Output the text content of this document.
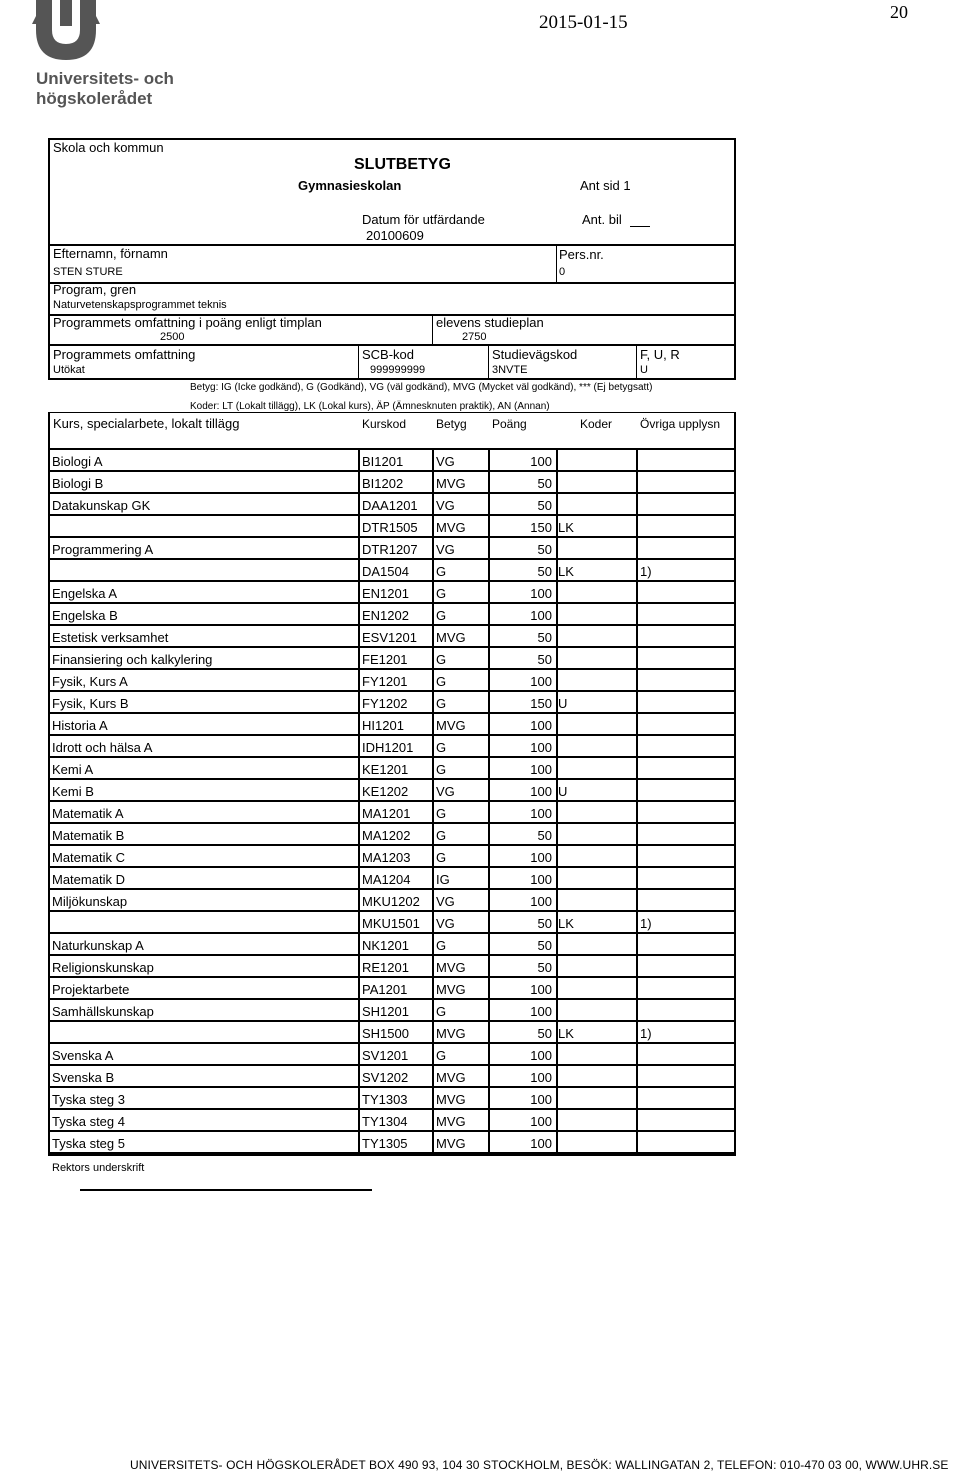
Universitets- och
högskolerådet
20
2015-01-15
Skola och kommun
SLUTBETYG
Gymnasieskolan	Ant sid 1
Datum för utfärdande
20100609
Ant. bil
Efternamn, förnamn	Pers.nr.
STEN STURE	0
Program, gren
Naturvetenskapsprogrammet teknis
Programmets omfattning i poäng enligt timplan	elevens studieplan
2500	2750
Programmets omfattning	SCB-kod	Studievägskod	F, U, R
Utökat	999999999	3NVTE	U
Betyg: IG (Icke godkänd), G (Godkänd), VG (väl godkänd), MVG (Mycket väl godkänd), *** (Ej betygsatt)
Koder: LT (Lokalt tillägg), LK (Lokal kurs), ÄP (Ämnesknuten praktik), AN (Annan)
Kurs, specialarbete, lokalt tillägg	Kurskod Betyg Poäng	Koder Övriga upplysn
Biologi A	BI1201	VG	100
Biologi B	BI1202	MVG	50
Datakunskap GK	DAA1201 VG	50
DTR1505 MVG	150 LK
Programmering A	DTR1207 VG	50
DA1504 G	50 LK	1)
Engelska A	EN1201 G	100
Engelska B	EN1202 G	100
Estetisk verksamhet	ESV1201 MVG	50
Finansiering och kalkylering	FE1201 G	50
Fysik, Kurs A	FY1201 G	100
Fysik, Kurs B	FY1202 G	150 U
Historia A	HI1201 MVG	100
Idrott och hälsa A	IDH1201 G	100
Kemi A	KE1201 G	100
Kemi B	KE1202 VG	100 U
Matematik A	MA1201 G	100
Matematik B	MA1202 G	50
Matematik C	MA1203 G	100
Matematik D	MA1204 IG	100
Miljökunskap	MKU1202 VG	100
MKU1501 VG	50 LK	1)
Naturkunskap A	NK1201 G	50
Religionskunskap	RE1201 MVG	50
Projektarbete	PA1201 MVG	100
Samhällskunskap	SH1201 G	100
SH1500 MVG	50 LK	1)
Svenska A	SV1201 G	100
Svenska B	SV1202 MVG	100
Tyska steg 3	TY1303 MVG	100
Tyska steg 4	TY1304 MVG	100
Tyska steg 5	TY1305 MVG	100
Rektors underskrift
UNIVERSITETS- OCH HÖGSKOLERÅDET BOX 490 93, 104 30 STOCKHOLM, BESÖK: WALLINGATAN 2, TELEFON: 010-470 03 00, WWW.UHR.SE
